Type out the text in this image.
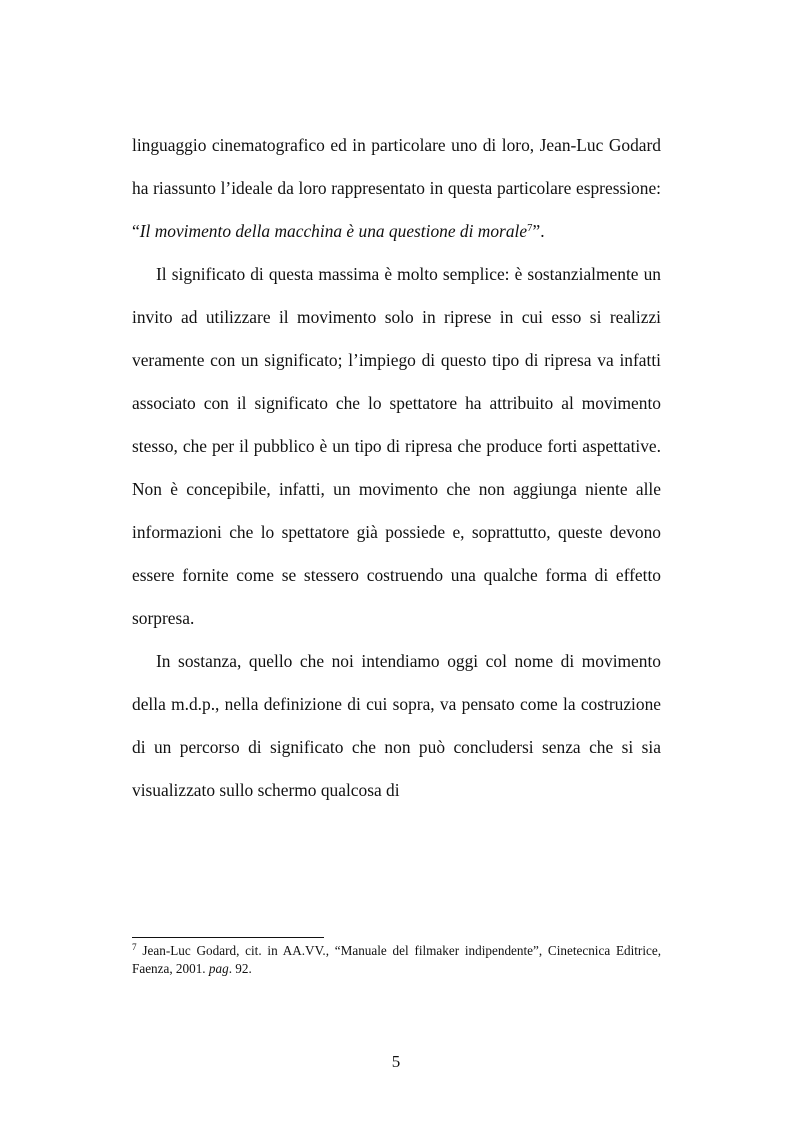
linguaggio cinematografico ed in particolare uno di loro, Jean-Luc Godard ha riassunto l’ideale da loro rappresentato in questa particolare espressione: “Il movimento della macchina è una questione di morale$^7$”.

Il significato di questa massima è molto semplice: è sostanzialmente un invito ad utilizzare il movimento solo in riprese in cui esso si realizzi veramente con un significato; l’impiego di questo tipo di ripresa va infatti associato con il significato che lo spettatore ha attribuito al movimento stesso, che per il pubblico è un tipo di ripresa che produce forti aspettative. Non è concepibile, infatti, un movimento che non aggiunga niente alle informazioni che lo spettatore già possiede e, soprattutto, queste devono essere fornite come se stessero costruendo una qualche forma di effetto sorpresa.

In sostanza, quello che noi intendiamo oggi col nome di movimento della m.d.p., nella definizione di cui sopra, va pensato come la costruzione di un percorso di significato che non può concludersi senza che si sia visualizzato sullo schermo qualcosa di

$^7$ Jean-Luc Godard, cit. in AA.VV., “Manuale del filmaker indipendente”, Cinetecnica Editrice, Faenza, 2001. pag. 92.
5
